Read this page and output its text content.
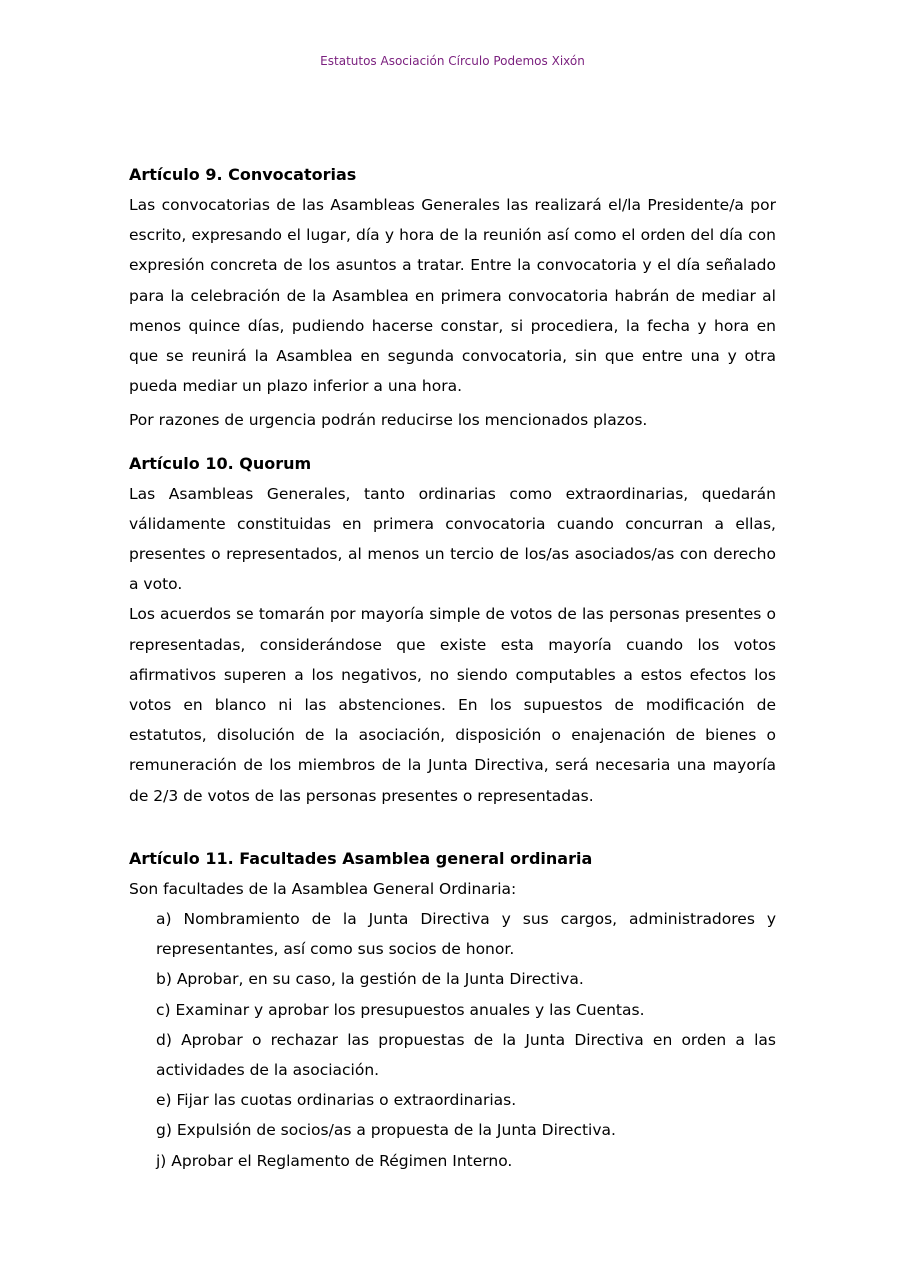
Estatutos Asociación Círculo Podemos Xixón
Artículo 9. Convocatorias

Las convocatorias de las Asambleas Generales las realizará el/la Presidente/a por escrito, expresando el lugar, día y hora de la reunión así como el orden del día con expresión concreta de los asuntos a tratar. Entre la convocatoria y el día señalado para la celebración de la Asamblea en primera convocatoria habrán de mediar al menos quince días, pudiendo hacerse constar, si procediera, la fecha y hora en que se reunirá la Asamblea en segunda convocatoria, sin que entre una y otra pueda mediar un plazo inferior a una hora.

Por razones de urgencia podrán reducirse los mencionados plazos.

Artículo 10. Quorum

Las Asambleas Generales, tanto ordinarias como extraordinarias, quedarán válidamente constituidas en primera convocatoria cuando concurran a ellas, presentes o representados, al menos un tercio de los/as asociados/as con derecho a voto.

Los acuerdos se tomarán por mayoría simple de votos de las personas presentes o representadas, considerándose que existe esta mayoría cuando los votos afirmativos superen a los negativos, no siendo computables a estos efectos los votos en blanco ni las abstenciones. En los supuestos de modificación de estatutos, disolución de la asociación, disposición o enajenación de bienes o remuneración de los miembros de la Junta Directiva, será necesaria una mayoría de 2/3 de votos de las personas presentes o representadas.

Artículo 11. Facultades Asamblea general ordinaria

Son facultades de la Asamblea General Ordinaria:

a) Nombramiento de la Junta Directiva y sus cargos, administradores y representantes, así como sus socios de honor.
b) Aprobar, en su caso, la gestión de la Junta Directiva.
c) Examinar y aprobar los presupuestos anuales y las Cuentas.
d) Aprobar o rechazar las propuestas de la Junta Directiva en orden a las actividades de la asociación.
e) Fijar las cuotas ordinarias o extraordinarias.
g) Expulsión de socios/as a propuesta de la Junta Directiva.
j) Aprobar el Reglamento de Régimen Interno.
